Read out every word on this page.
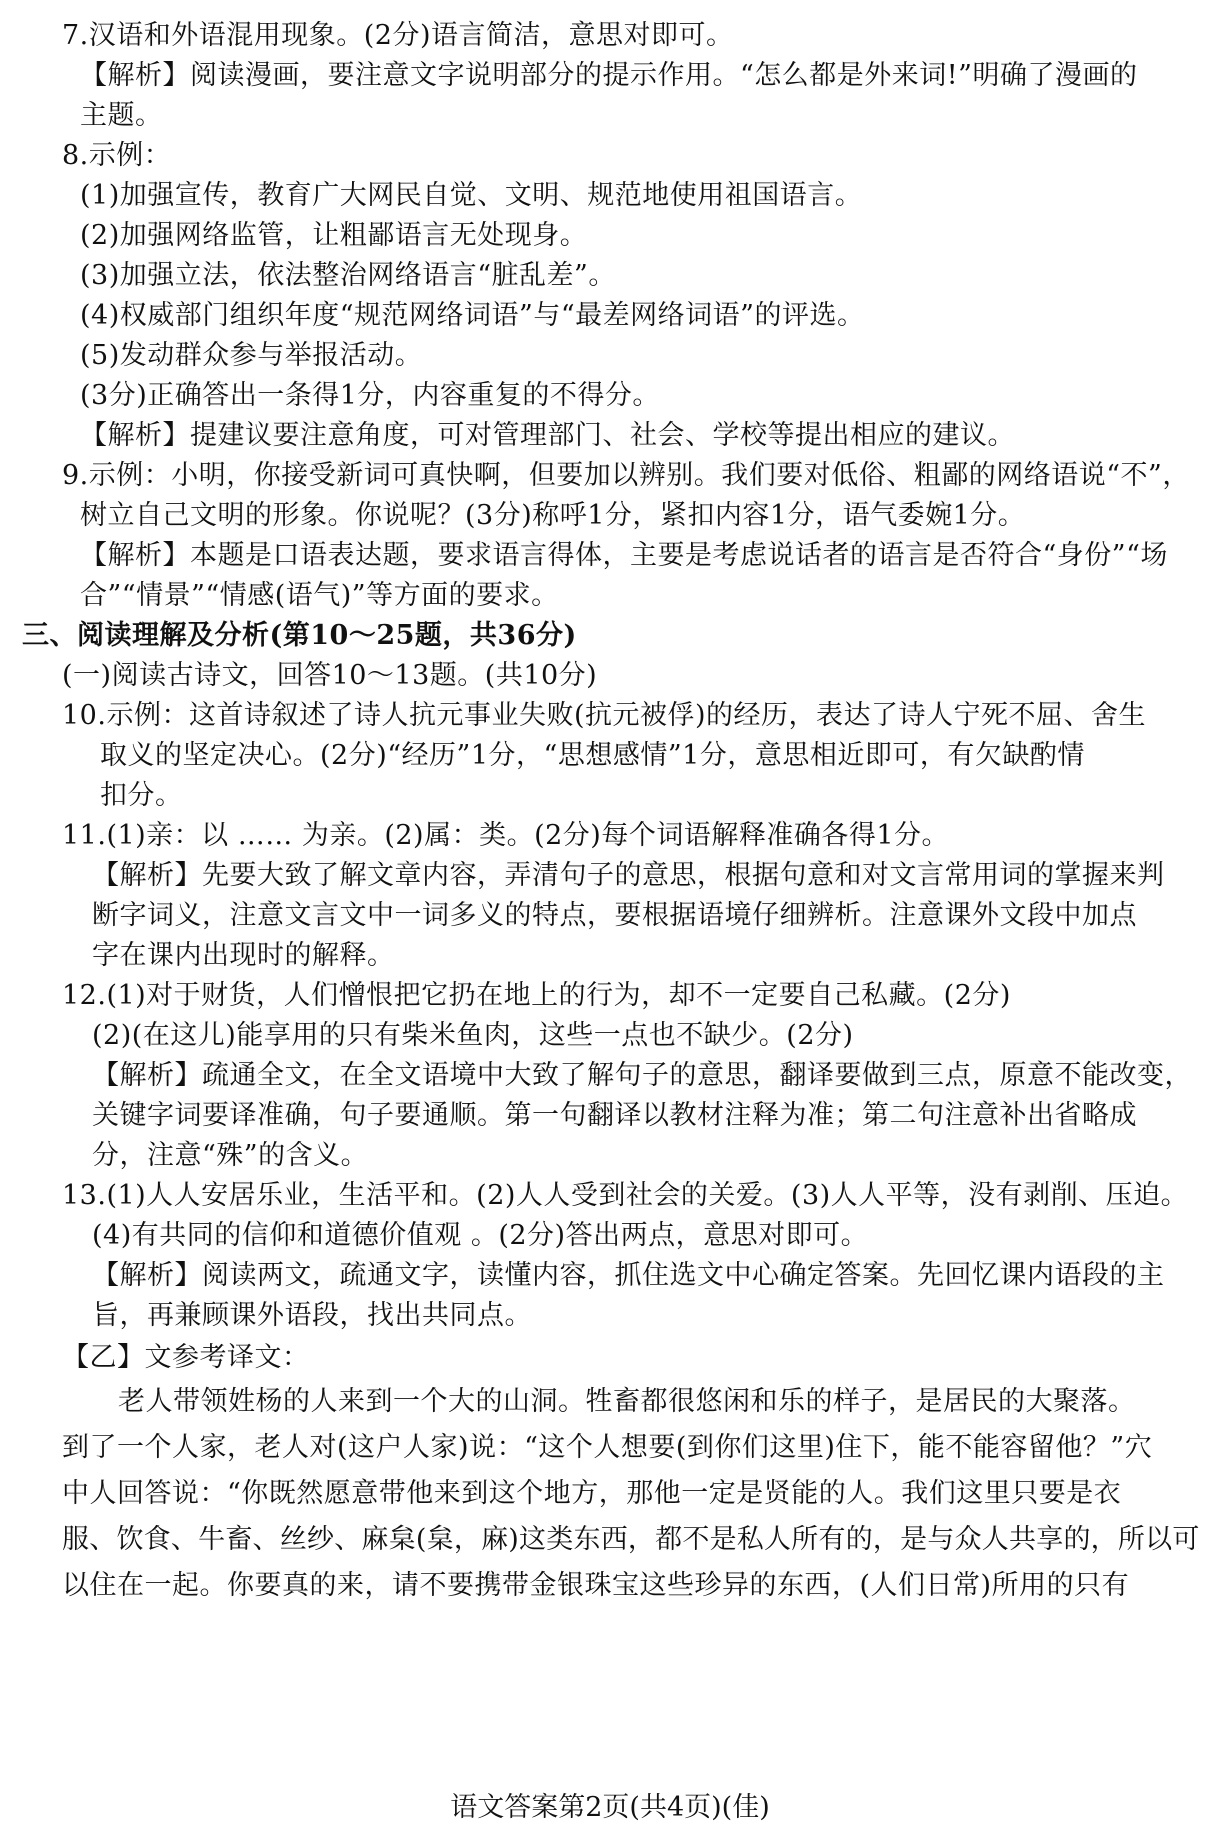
7.汉语和外语混用现象。(2分)语言简洁，意思对即可。
【解析】阅读漫画，要注意文字说明部分的提示作用。“怎么都是外来词!”明确了漫画的
主题。
8.示例：
(1)加强宣传，教育广大网民自觉、文明、规范地使用祖国语言。
(2)加强网络监管，让粗鄙语言无处现身。
(3)加强立法，依法整治网络语言“脏乱差”。
(4)权威部门组织年度“规范网络词语”与“最差网络词语”的评选。
(5)发动群众参与举报活动。
(3分)正确答出一条得1分，内容重复的不得分。
【解析】提建议要注意角度，可对管理部门、社会、学校等提出相应的建议。
9.示例：小明，你接受新词可真快啊，但要加以辨别。我们要对低俗、粗鄙的网络语说“不”，
树立自己文明的形象。你说呢？(3分)称呼1分，紧扣内容1分，语气委婉1分。
【解析】本题是口语表达题，要求语言得体，主要是考虑说话者的语言是否符合“身份”“场
合”“情景”“情感(语气)”等方面的要求。
三、阅读理解及分析(第10～25题，共36分)
(一)阅读古诗文，回答10～13题。(共10分)
10.示例：这首诗叙述了诗人抗元事业失败(抗元被俘)的经历，表达了诗人宁死不屈、舍生
取义的坚定决心。(2分)“经历”1分，“思想感情”1分，意思相近即可，有欠缺酌情
扣分。
11.(1)亲：以 …… 为亲。(2)属：类。(2分)每个词语解释准确各得1分。
【解析】先要大致了解文章内容，弄清句子的意思，根据句意和对文言常用词的掌握来判
断字词义，注意文言文中一词多义的特点，要根据语境仔细辨析。注意课外文段中加点
字在课内出现时的解释。
12.(1)对于财货，人们憎恨把它扔在地上的行为，却不一定要自己私藏。(2分)
(2)(在这儿)能享用的只有柴米鱼肉，这些一点也不缺少。(2分)
【解析】疏通全文，在全文语境中大致了解句子的意思，翻译要做到三点，原意不能改变，
关键字词要译准确，句子要通顺。第一句翻译以教材注释为准；第二句注意补出省略成
分，注意“殊”的含义。
13.(1)人人安居乐业，生活平和。(2)人人受到社会的关爱。(3)人人平等，没有剥削、压迫。
(4)有共同的信仰和道德价值观 。(2分)答出两点，意思对即可。
【解析】阅读两文，疏通文字，读懂内容，抓住选文中心确定答案。先回忆课内语段的主
旨，再兼顾课外语段，找出共同点。
【乙】文参考译文：
老人带领姓杨的人来到一个大的山洞。牲畜都很悠闲和乐的样子，是居民的大聚落。
到了一个人家，老人对(这户人家)说：“这个人想要(到你们这里)住下，能不能容留他？”穴
中人回答说：“你既然愿意带他来到这个地方，那他一定是贤能的人。我们这里只要是衣
服、饮食、牛畜、丝纱、麻枲(枲，麻)这类东西，都不是私人所有的，是与众人共享的，所以可
以住在一起。你要真的来，请不要携带金银珠宝这些珍异的东西，(人们日常)所用的只有
语文答案第2页(共4页)(佳)
